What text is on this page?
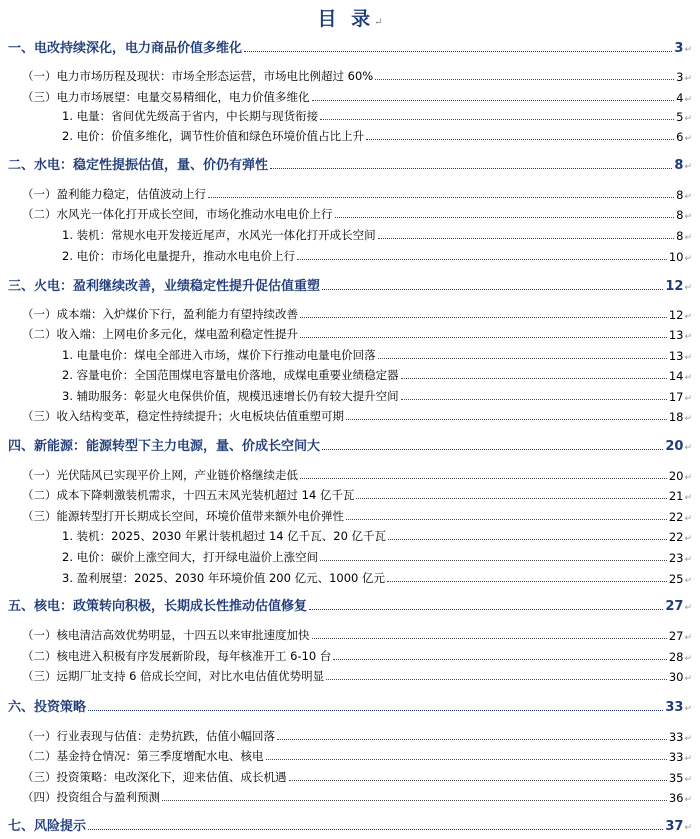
目 录↵
一、电改持续深化，电力商品价值多维化	3↵
（一）电力市场历程及现状：市场全形态运营，市场电比例超过 60%	3↵
（三）电力市场展望：电量交易精细化，电力价值多维化	4↵
1. 电量：省间优先级高于省内，中长期与现货衔接	5↵
2. 电价：价值多维化，调节性价值和绿色环境价值占比上升	6↵
二、水电：稳定性提振估值，量、价仍有弹性	8↵
（一）盈利能力稳定，估值波动上行	8↵
（二）水风光一体化打开成长空间，市场化推动水电电价上行	8↵
1. 装机：常规水电开发接近尾声，水风光一体化打开成长空间	8↵
2. 电价：市场化电量提升，推动水电电价上行	10↵
三、火电：盈利继续改善，业绩稳定性提升促估值重塑	12↵
（一）成本端：入炉煤价下行，盈利能力有望持续改善	12↵
（二）收入端：上网电价多元化，煤电盈利稳定性提升	13↵
1. 电量电价：煤电全部进入市场，煤价下行推动电量电价回落	13↵
2. 容量电价：全国范围煤电容量电价落地，成煤电重要业绩稳定器	14↵
3. 辅助服务：彰显火电保供价值，规模迅速增长仍有较大提升空间	17↵
（三）收入结构变革，稳定性持续提升；火电板块估值重塑可期	18↵
四、新能源：能源转型下主力电源，量、价成长空间大	20↵
（一）光伏陆风已实现平价上网，产业链价格继续走低	20↵
（二）成本下降刺激装机需求，十四五末风光装机超过 14 亿千瓦	21↵
（三）能源转型打开长期成长空间，环境价值带来额外电价弹性	22↵
1. 装机：2025、2030 年累计装机超过 14 亿千瓦、20 亿千瓦	22↵
2. 电价：碳价上涨空间大，打开绿电溢价上涨空间	23↵
3. 盈利展望：2025、2030 年环境价值 200 亿元、1000 亿元	25↵
五、核电：政策转向积极，长期成长性推动估值修复	27↵
（一）核电清洁高效优势明显，十四五以来审批速度加快	27↵
（二）核电进入积极有序发展新阶段，每年核准开工 6-10 台	28↵
（三）远期厂址支持 6 倍成长空间，对比水电估值优势明显	30↵
六、投资策略	33↵
（一）行业表现与估值：走势抗跌，估值小幅回落	33↵
（二）基金持仓情况：第三季度增配水电、核电	33↵
（三）投资策略：电改深化下，迎来估值、成长机遇	35↵
（四）投资组合与盈利预测	36↵
七、风险提示	37↵
